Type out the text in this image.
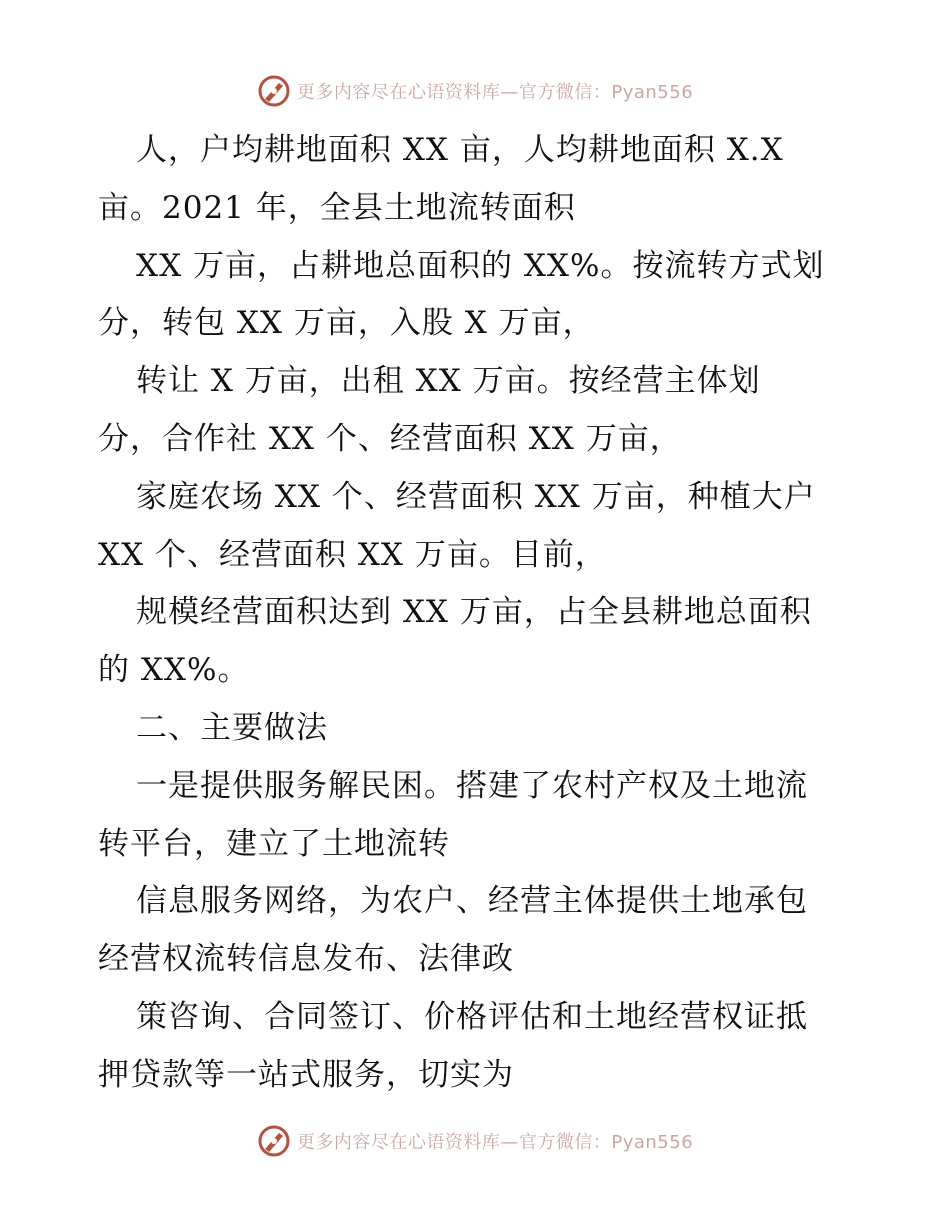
更多内容尽在心语资料库—官方微信：Pyan556
人，户均耕地面积 XX 亩，人均耕地面积 X.X
亩。2021 年，全县土地流转面积
XX 万亩，占耕地总面积的 XX%。按流转方式划
分，转包 XX 万亩，入股 X 万亩，
转让 X 万亩，出租 XX 万亩。按经营主体划
分，合作社 XX 个、经营面积 XX 万亩，
家庭农场 XX 个、经营面积 XX 万亩，种植大户
XX 个、经营面积 XX 万亩。目前，
规模经营面积达到 XX 万亩，占全县耕地总面积
的 XX%。
二、主要做法
一是提供服务解民困。搭建了农村产权及土地流
转平台，建立了土地流转
信息服务网络，为农户、经营主体提供土地承包
经营权流转信息发布、法律政
策咨询、合同签订、价格评估和土地经营权证抵
押贷款等一站式服务，切实为
更多内容尽在心语资料库—官方微信：Pyan556
